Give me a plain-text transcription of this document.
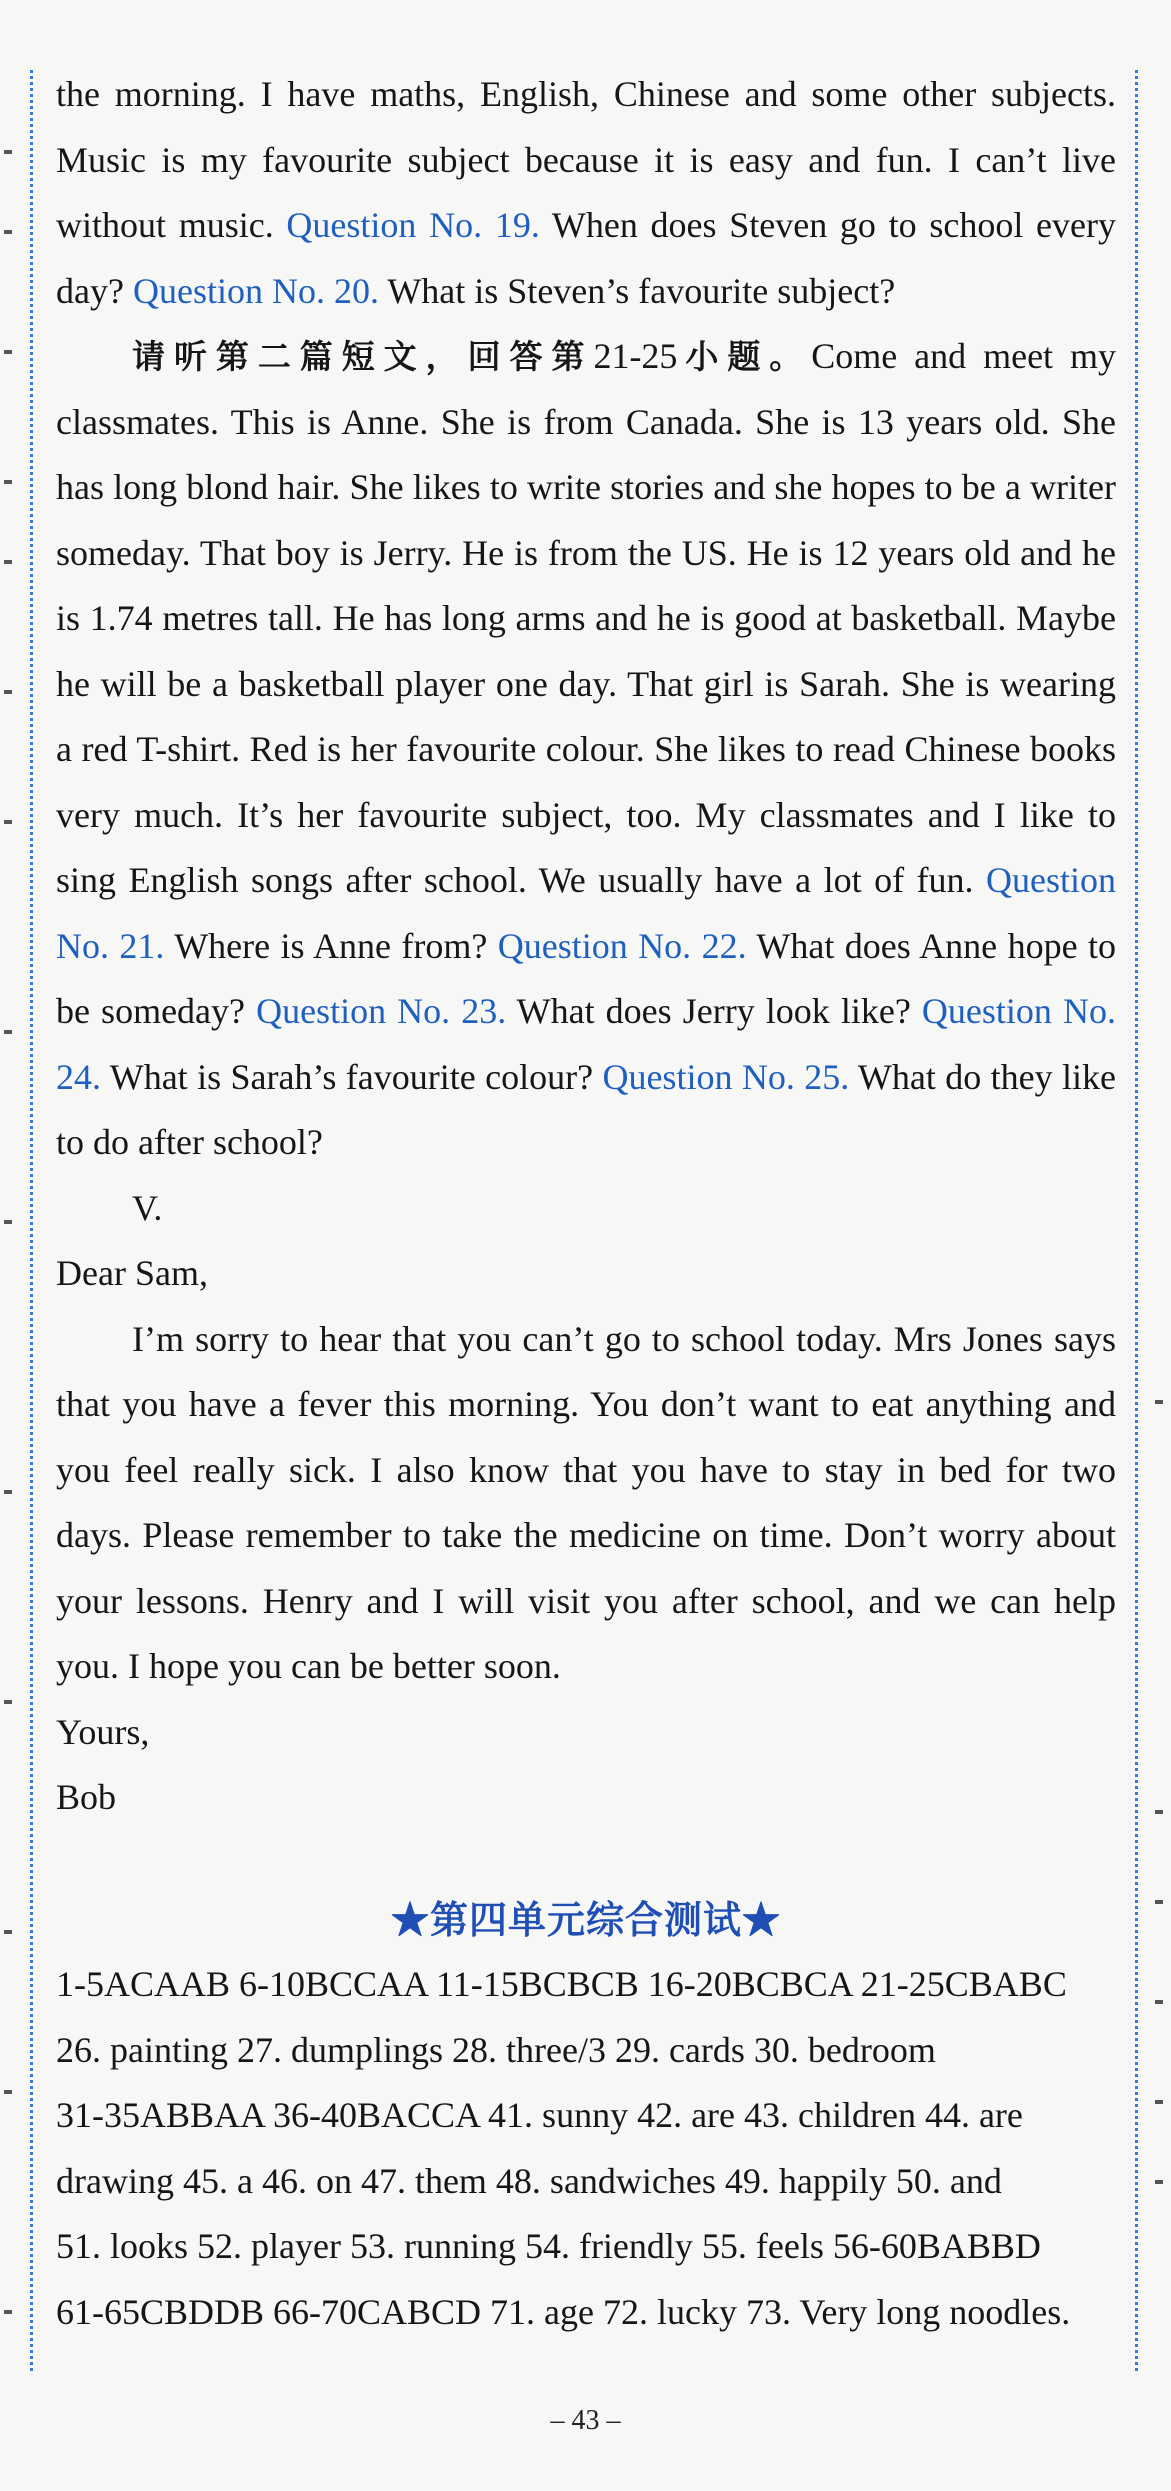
the morning. I have maths, English, Chinese and some other subjects. Music is my favourite subject because it is easy and fun. I can’t live without music. Question No. 19. When does Steven go to school every day? Question No. 20. What is Steven’s favourite subject?

请听第二篇短文，回答第21-25小题。Come and meet my classmates. This is Anne. She is from Canada. She is 13 years old. She has long blond hair. She likes to write stories and she hopes to be a writer someday. That boy is Jerry. He is from the US. He is 12 years old and he is 1.74 metres tall. He has long arms and he is good at basketball. Maybe he will be a basketball player one day. That girl is Sarah. She is wearing a red T-shirt. Red is her favourite colour. She likes to read Chinese books very much. It’s her favourite subject, too. My classmates and I like to sing English songs after school. We usually have a lot of fun. Question No. 21. Where is Anne from? Question No. 22. What does Anne hope to be someday? Question No. 23. What does Jerry look like? Question No. 24. What is Sarah’s favourite colour? Question No. 25. What do they like to do after school?

V.

Dear Sam,

I’m sorry to hear that you can’t go to school today. Mrs Jones says that you have a fever this morning. You don’t want to eat anything and you feel really sick. I also know that you have to stay in bed for two days. Please remember to take the medicine on time. Don’t worry about your lessons. Henry and I will visit you after school, and we can help you. I hope you can be better soon.

Yours,

Bob

★第四单元综合测试★

1-5ACAAB 6-10BCCAA 11-15BCBCB 16-20BCBCA 21-25CBABC

26. painting 27. dumplings 28. three/3 29. cards 30. bedroom

31-35ABBAA 36-40BACCA 41. sunny 42. are 43. children 44. are

drawing 45. a 46. on 47. them 48. sandwiches 49. happily 50. and

51. looks 52. player 53. running 54. friendly 55. feels 56-60BABBD

61-65CBDDB 66-70CABCD 71. age 72. lucky 73. Very long noodles.

– 43 –
